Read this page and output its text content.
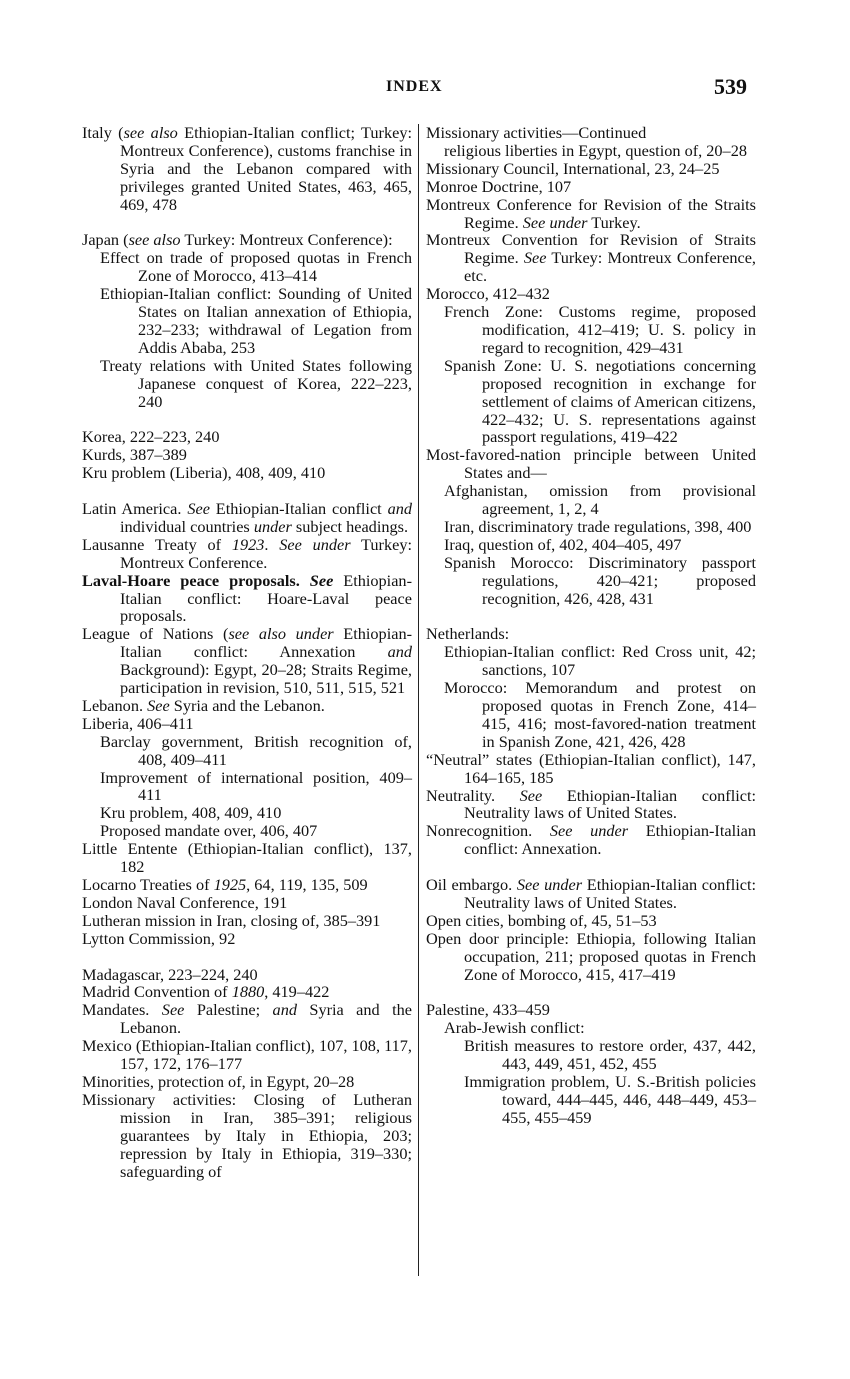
INDEX	539
Italy (see also Ethiopian-Italian conflict; Turkey: Montreux Conference), customs franchise in Syria and the Lebanon compared with privileges granted United States, 463, 465, 469, 478
Japan (see also Turkey: Montreux Conference):
Effect on trade of proposed quotas in French Zone of Morocco, 413–414
Ethiopian-Italian conflict: Sounding of United States on Italian annexation of Ethiopia, 232–233; withdrawal of Legation from Addis Ababa, 253
Treaty relations with United States following Japanese conquest of Korea, 222–223, 240
Korea, 222–223, 240
Kurds, 387–389
Kru problem (Liberia), 408, 409, 410
Latin America. See Ethiopian-Italian conflict and individual countries under subject headings.
Lausanne Treaty of 1923. See under Turkey: Montreux Conference.
Laval-Hoare peace proposals. See Ethiopian-Italian conflict: Hoare-Laval peace proposals.
League of Nations (see also under Ethiopian-Italian conflict: Annexation and Background): Egypt, 20–28; Straits Regime, participation in revision, 510, 511, 515, 521
Lebanon. See Syria and the Lebanon.
Liberia, 406–411
Barclay government, British recognition of, 408, 409–411
Improvement of international position, 409–411
Kru problem, 408, 409, 410
Proposed mandate over, 406, 407
Little Entente (Ethiopian-Italian conflict), 137, 182
Locarno Treaties of 1925, 64, 119, 135, 509
London Naval Conference, 191
Lutheran mission in Iran, closing of, 385–391
Lytton Commission, 92
Madagascar, 223–224, 240
Madrid Convention of 1880, 419–422
Mandates. See Palestine; and Syria and the Lebanon.
Mexico (Ethiopian-Italian conflict), 107, 108, 117, 157, 172, 176–177
Minorities, protection of, in Egypt, 20–28
Missionary activities: Closing of Lutheran mission in Iran, 385–391; religious guarantees by Italy in Ethiopia, 203; repression by Italy in Ethiopia, 319–330; safeguarding of
Missionary activities—Continued
religious liberties in Egypt, question of, 20–28
Missionary Council, International, 23, 24–25
Monroe Doctrine, 107
Montreux Conference for Revision of the Straits Regime. See under Turkey.
Montreux Convention for Revision of Straits Regime. See Turkey: Montreux Conference, etc.
Morocco, 412–432
French Zone: Customs regime, proposed modification, 412–419; U. S. policy in regard to recognition, 429–431
Spanish Zone: U. S. negotiations concerning proposed recognition in exchange for settlement of claims of American citizens, 422–432; U. S. representations against passport regulations, 419–422
Most-favored-nation principle between United States and—
Afghanistan, omission from provisional agreement, 1, 2, 4
Iran, discriminatory trade regulations, 398, 400
Iraq, question of, 402, 404–405, 497
Spanish Morocco: Discriminatory passport regulations, 420–421; proposed recognition, 426, 428, 431
Netherlands:
Ethiopian-Italian conflict: Red Cross unit, 42; sanctions, 107
Morocco: Memorandum and protest on proposed quotas in French Zone, 414–415, 416; most-favored-nation treatment in Spanish Zone, 421, 426, 428
“Neutral” states (Ethiopian-Italian conflict), 147, 164–165, 185
Neutrality. See Ethiopian-Italian conflict: Neutrality laws of United States.
Nonrecognition. See under Ethiopian-Italian conflict: Annexation.
Oil embargo. See under Ethiopian-Italian conflict: Neutrality laws of United States.
Open cities, bombing of, 45, 51–53
Open door principle: Ethiopia, following Italian occupation, 211; proposed quotas in French Zone of Morocco, 415, 417–419
Palestine, 433–459
Arab-Jewish conflict:
British measures to restore order, 437, 442, 443, 449, 451, 452, 455
Immigration problem, U. S.-British policies toward, 444–445, 446, 448–449, 453–455, 455–459
